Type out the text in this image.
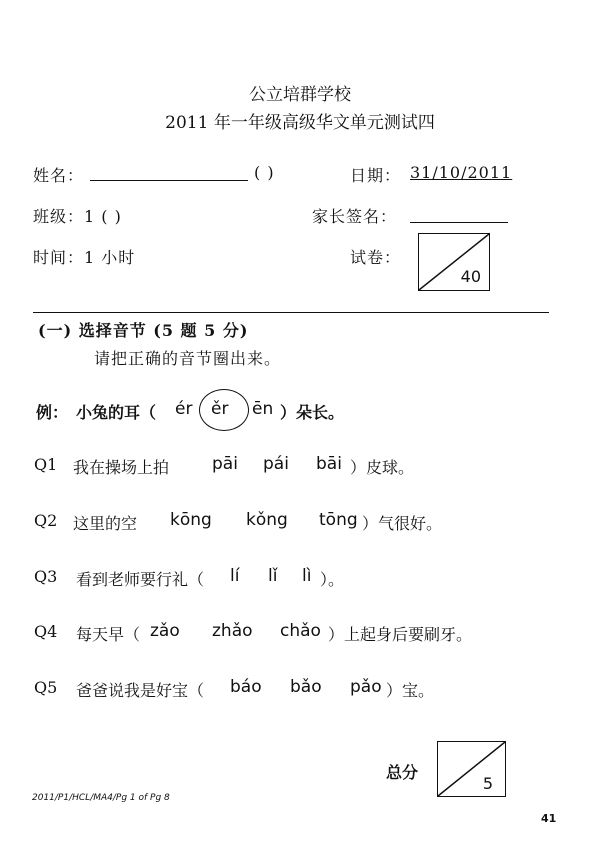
公立培群学校
2011 年一年级高级华文单元测试四
姓名：	( )	日期： 31/10/2011
班级：1 ( )	家长签名：
时间：1 小时	试卷：
40
(一) 选择音节 (5 题 5 分)
请把正确的音节圈出来。
例： 小兔的耳（ ér ěr ēn ）朵长。
Q1 我在操场上拍	pāi pái bāi ）皮球。
Q2 这里的空 kōng kǒng tōng ）气很好。
Q3 看到老师要行礼（ lí lǐ lì ）。
Q4 每天早（ zǎo zhǎo chǎo ）上起身后要刷牙。
Q5 爸爸说我是好宝（ báo bǎo pǎo ）宝。
总分
5
2011/P1/HCL/MA4/Pg 1 of Pg 8
41
